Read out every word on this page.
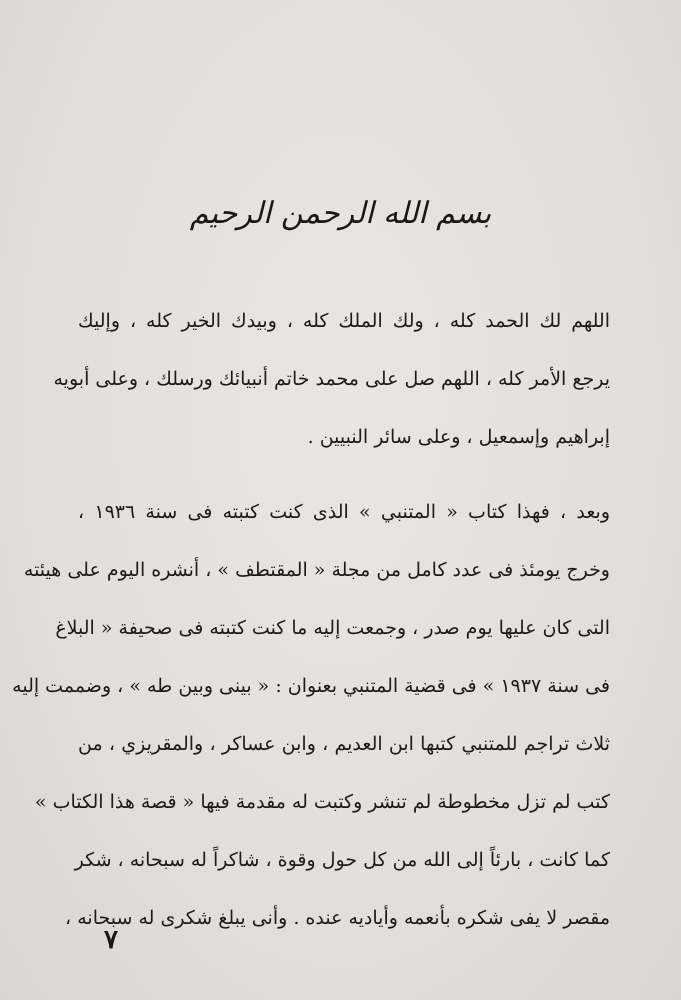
بسم الله الرحمن الرحيم
اللهم لك الحمد كله ، ولك الملك كله ، وبيدك الخير كله ، وإليك
يرجع الأمر كله ، اللهم صل على محمد خاتم أنبيائك ورسلك ، وعلى أبويه
إبراهيم وإسمعيل ، وعلى سائر النبيين .
وبعد ، فهذا كتاب « المتنبي » الذى كنت كتبته فى سنة ١٩٣٦ ،
وخرج يومئذ فى عدد كامل من مجلة « المقتطف » ، أنشره اليوم على هيئته
التى كان عليها يوم صدر ، وجمعت إليه ما كنت كتبته فى صحيفة « البلاغ
فى سنة ١٩٣٧ » فى قضية المتنبي بعنوان : « بينى وبين طه » ، وضممت إليه
ثلاث تراجم للمتنبي كتبها ابن العديم ، وابن عساكر ، والمقريزي ، من
كتب لم تزل مخطوطة لم تنشر وكتبت له مقدمة فيها « قصة هذا الكتاب »
كما كانت ، بارئاً إلى الله من كل حول وقوة ، شاكراً له سبحانه ، شكر
مقصر لا يفى شكره بأنعمه وأياديه عنده . وأنى يبلغ شكرى له سبحانه ،
٧
